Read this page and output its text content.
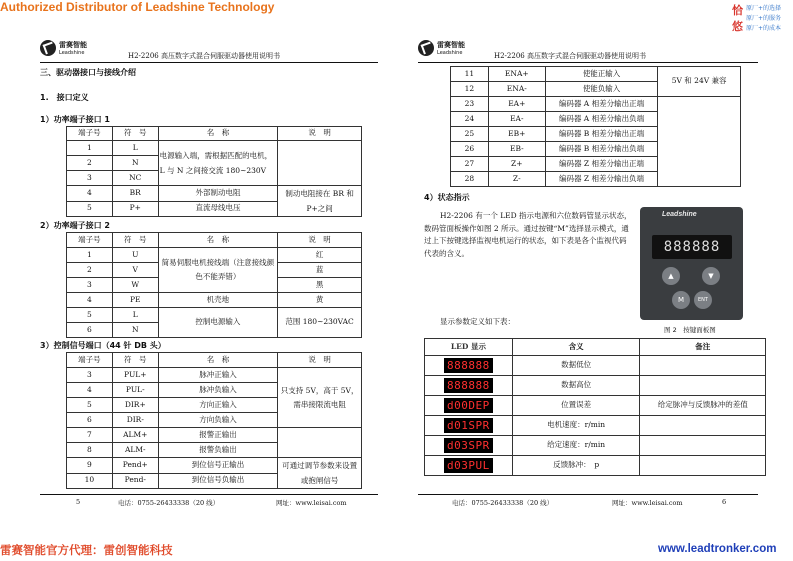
Authorized Distributor of Leadshine Technology	恰
悠
原厂+的选择
原厂+的服务
原厂+的成本
雷赛智能
Leadshine	H2-2206 高压数字式混合伺服驱动器使用说明书
三、驱动器接口与接线介绍
1.　接口定义
1）功率端子接口 1
端子号	符　号	名　称	说　明
1	L	电源输入端，需根据匹配的电机，L 与 N 之间接交流 180~230V	
2	N		
3	NC		
4	BR	外部制动电阻	制动电阻接在 BR 和 P+之间
5	P+	直流母线电压	
2）功率端子接口 2
端子号	符　号	名　称	说　明
1	U	简易伺服电机接线端（注意接线颜色不能弄错）	红
2	V		蓝
3	W		黑
4	PE	机壳地	黄
5	L	控制电源输入	范围 180~230VAC
6	N		
3）控制信号端口（44 针 DB 头）
端子号	符　号	名　称	说　明
3	PUL+	脉冲正输入	只支持 5V，高于 5V，需串接限流电阻
4	PUL-	脉冲负输入	
5	DIR+	方向正输入	
6	DIR-	方向负输入	
7	ALM+	报警正输出	
8	ALM-	报警负输出	
9	Pend+	到位信号正输出	可通过调节参数来设置或抱闸信号
10	Pend-	到位信号负输出	
5	电话：0755-26433338（20 线）	网址：www.leisai.com
雷赛智能
Leadshine	H2-2206 高压数字式混合伺服驱动器使用说明书
11	ENA+	使能正输入	5V 和 24V 兼容
12	ENA-	使能负输入	
23	EA+	编码器 A 相差分输出正端	
24	EA-	编码器 A 相差分输出负端	
25	EB+	编码器 B 相差分输出正端	
26	EB-	编码器 B 相差分输出负端	
27	Z+	编码器 Z 相差分输出正端	
28	Z-	编码器 Z 相差分输出负端	
4）状态指示
H2-2206 有一个 LED 指示电源和六位数码管显示状态，数码管面板操作如图 2 所示。通过按键“M”选择显示模式，通过上下按键选择监视电机运行的状态，如下表是各个监视代码代表的含义。
Leadshine
888888
▲	▼
M	ENT
图 2　按键面板图
显示参数定义如下表：
LED 显示	含义	备注
888888	数据低位	
888888	数据高位	
d00DEP	位置误差	给定脉冲与反馈脉冲的差值
d01SPR	电机速度：r/min	
d03SPR	给定速度：r/min	
d03PUL	反馈脉冲：　p	
电话：0755-26433338（20 线）	网址：www.leisai.com	6
雷赛智能官方代理：雷创智能科技	www.leadtronker.com
